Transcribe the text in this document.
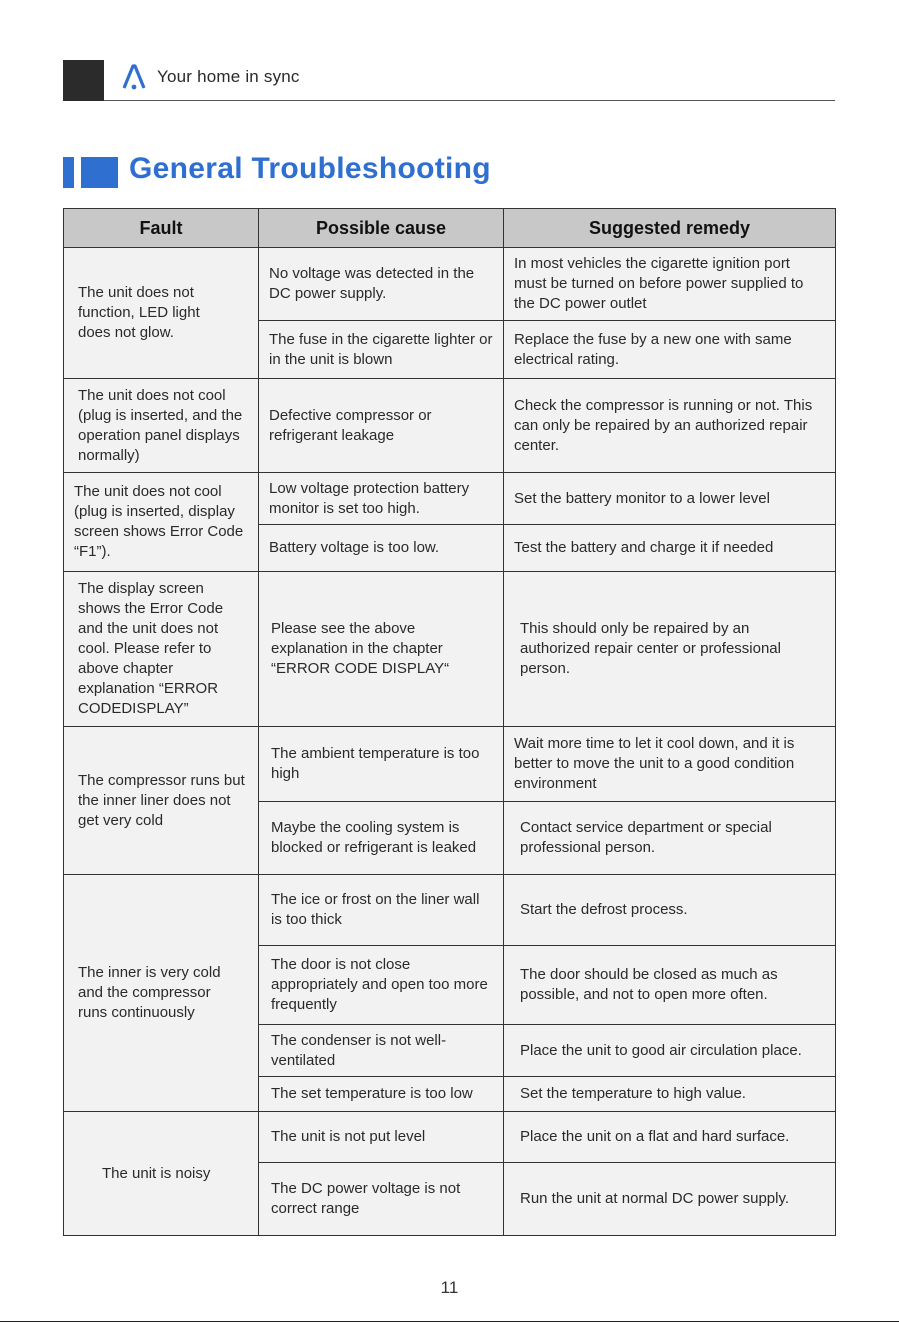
Your home in sync
General Troubleshooting
Fault	Possible cause	Suggested remedy
The unit does not function, LED light does not glow.	No voltage was detected in the DC power supply.	In most vehicles the cigarette ignition port must be turned on before power supplied to the DC power outlet
	The fuse in the cigarette lighter or in the unit is blown	Replace the fuse by a new one with same electrical rating.
The unit does not cool (plug is inserted, and the operation panel displays normally)	Defective compressor or refrigerant leakage	Check the compressor is running or not. This can only be repaired by an authorized repair center.
The unit does not cool (plug is inserted, display screen shows Error Code “F1”).	Low voltage protection battery monitor is set too high.	Set the battery monitor to a lower level
	Battery voltage is too low.	Test the battery and charge it if needed
The display screen shows the Error Code and the unit does not cool. Please refer to above chapter explanation “ERROR CODEDISPLAY”	Please see the above explanation in the chapter “ERROR CODE DISPLAY“	This should only be repaired by an authorized repair center or professional person.
The compressor runs but the inner liner does not get very cold	The ambient temperature is too high	Wait more time to let it cool down, and it is better to move the unit to a good condition environment
	Maybe the cooling system is blocked or refrigerant is leaked	Contact service department or special professional person.
The inner is very cold and the compressor runs continuously	The ice or frost on the liner wall is too thick	Start the defrost process.
	The door is not close appropriately and open too more frequently	The door should be closed as much as possible, and not to open more often.
	The condenser is not well-ventilated	Place the unit to good air circulation place.
	The set temperature is too low	Set the temperature to high value.
The unit is noisy	The unit is not put level	Place the unit on a flat and hard surface.
	The DC power voltage is not correct range	Run the unit at normal DC power supply.
11
